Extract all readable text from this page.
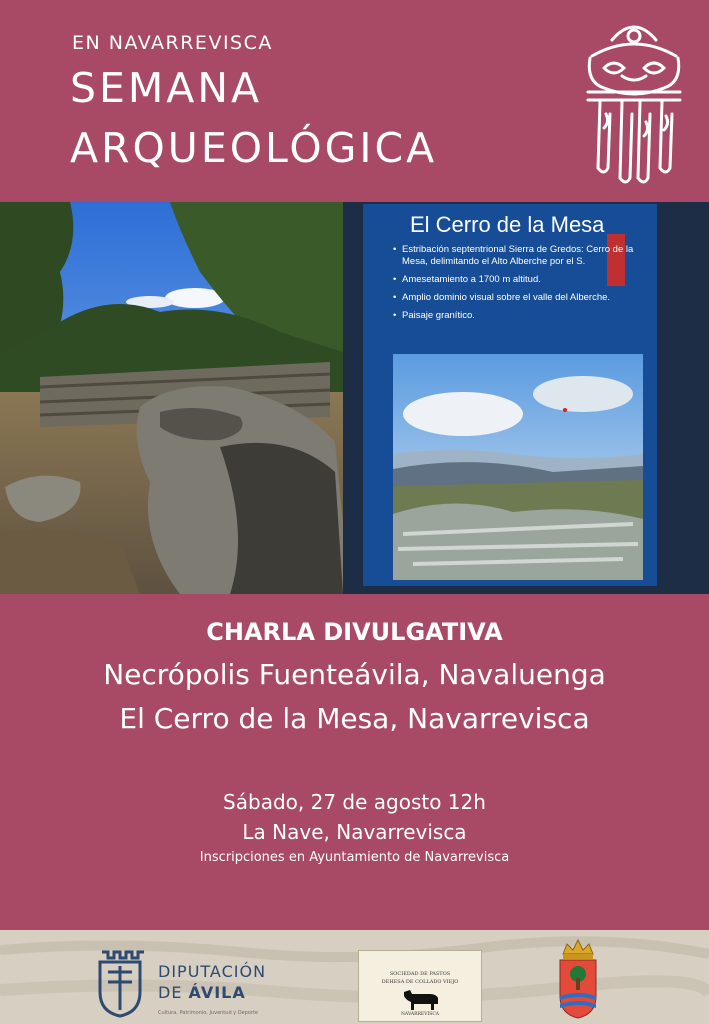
EN NAVARREVISCA
SEMANA
ARQUEOLÓGICA
El Cerro de la Mesa
• Estribación septentrional Sierra de Gredos: Cerro de la Mesa, delimitando el Alto Alberche por el S.
• Amesetamiento a 1700 m altitud.
• Amplio dominio visual sobre el valle del Alberche.
• Paisaje granítico.
CHARLA DIVULGATIVA
Necrópolis Fuenteávila, Navaluenga
El Cerro de la Mesa, Navarrevisca
Sábado, 27 de agosto 12h
La Nave, Navarrevisca
Inscripciones en Ayuntamiento de Navarrevisca
DIPUTACIÓN
DE ÁVILA
Cultura, Patrimonio, Juventud y Deporte
SOCIEDAD DE PASTOS
DEHESA DE COLLADO VIEJO
NAVARREVISCA
